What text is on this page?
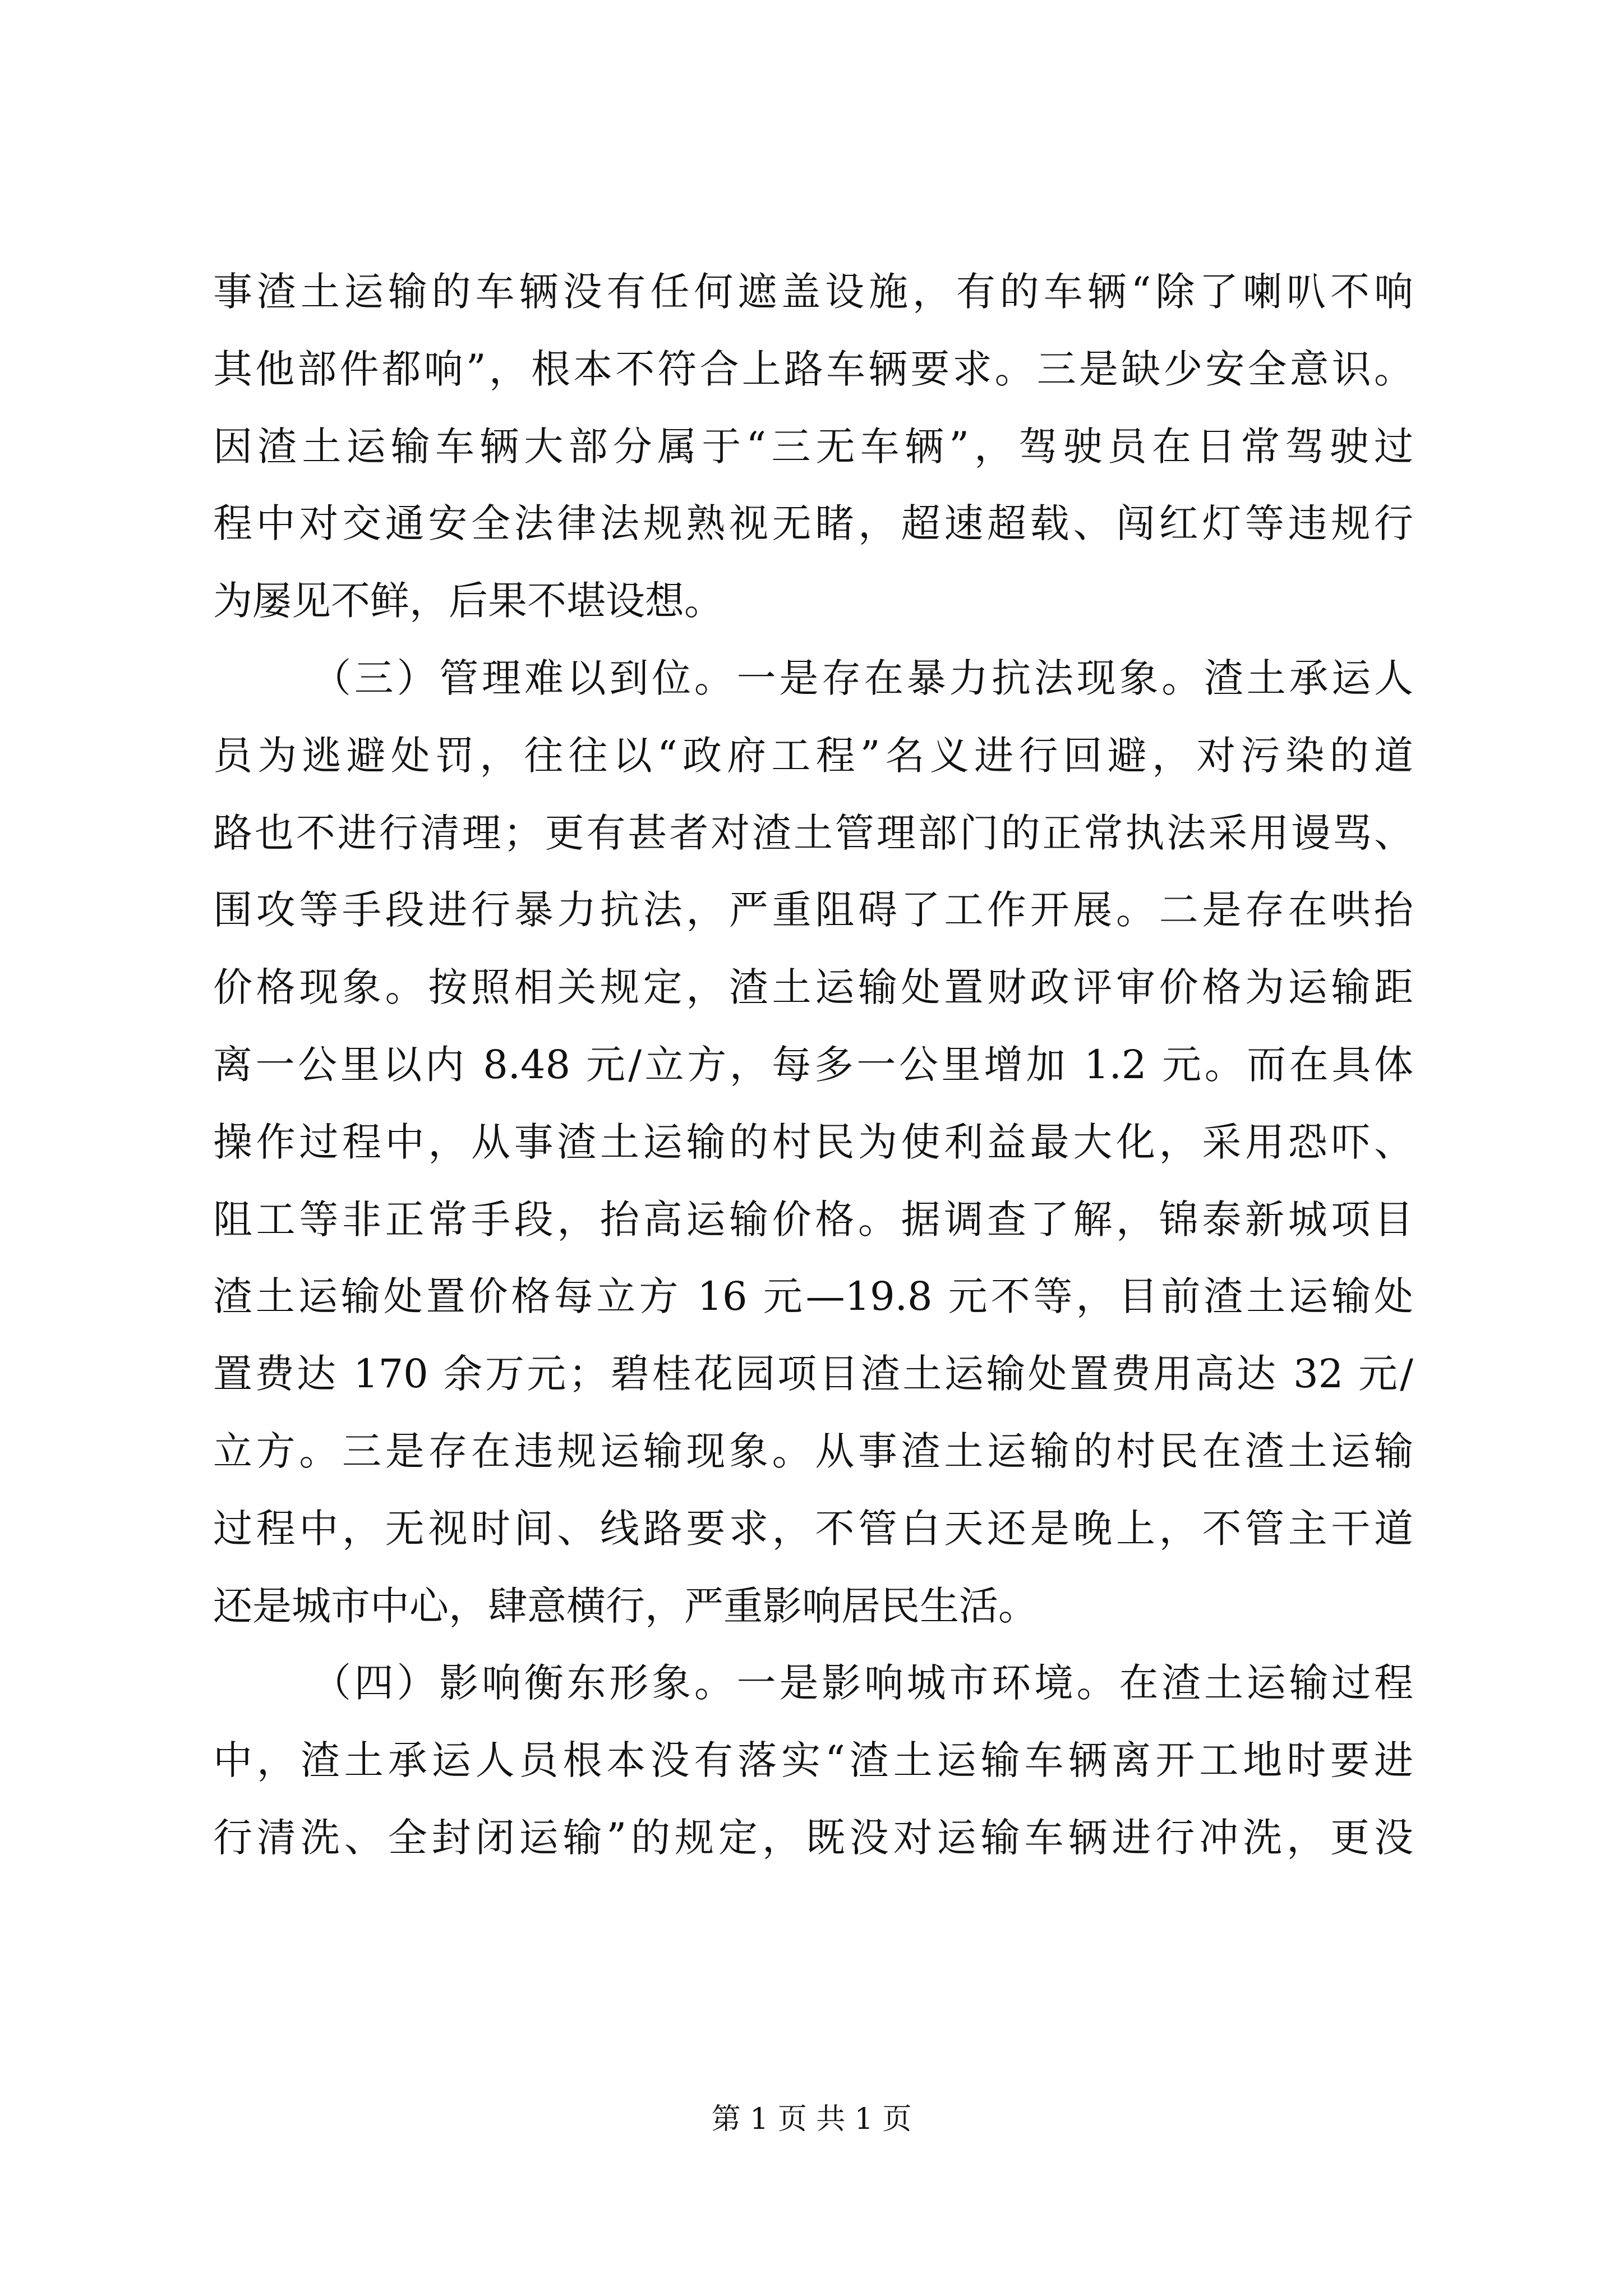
事渣土运输的车辆没有任何遮盖设施，有的车辆“除了喇叭不响
其他部件都响”，根本不符合上路车辆要求。三是缺少安全意识。
因渣土运输车辆大部分属于“三无车辆”，驾驶员在日常驾驶过
程中对交通安全法律法规熟视无睹，超速超载、闯红灯等违规行
为屡见不鲜，后果不堪设想。
（三）管理难以到位。一是存在暴力抗法现象。渣土承运人
员为逃避处罚，往往以“政府工程”名义进行回避，对污染的道
路也不进行清理；更有甚者对渣土管理部门的正常执法采用谩骂、
围攻等手段进行暴力抗法，严重阻碍了工作开展。二是存在哄抬
价格现象。按照相关规定，渣土运输处置财政评审价格为运输距
离一公里以内 8.48 元/立方，每多一公里增加 1.2 元。而在具体
操作过程中，从事渣土运输的村民为使利益最大化，采用恐吓、
阻工等非正常手段，抬高运输价格。据调查了解，锦泰新城项目
渣土运输处置价格每立方 16 元—19.8 元不等，目前渣土运输处
置费达 170 余万元；碧桂花园项目渣土运输处置费用高达 32 元/
立方。三是存在违规运输现象。从事渣土运输的村民在渣土运输
过程中，无视时间、线路要求，不管白天还是晚上，不管主干道
还是城市中心，肆意横行，严重影响居民生活。
（四）影响衡东形象。一是影响城市环境。在渣土运输过程
中，渣土承运人员根本没有落实“渣土运输车辆离开工地时要进
行清洗、全封闭运输”的规定，既没对运输车辆进行冲洗，更没
第 1 页 共 1 页
